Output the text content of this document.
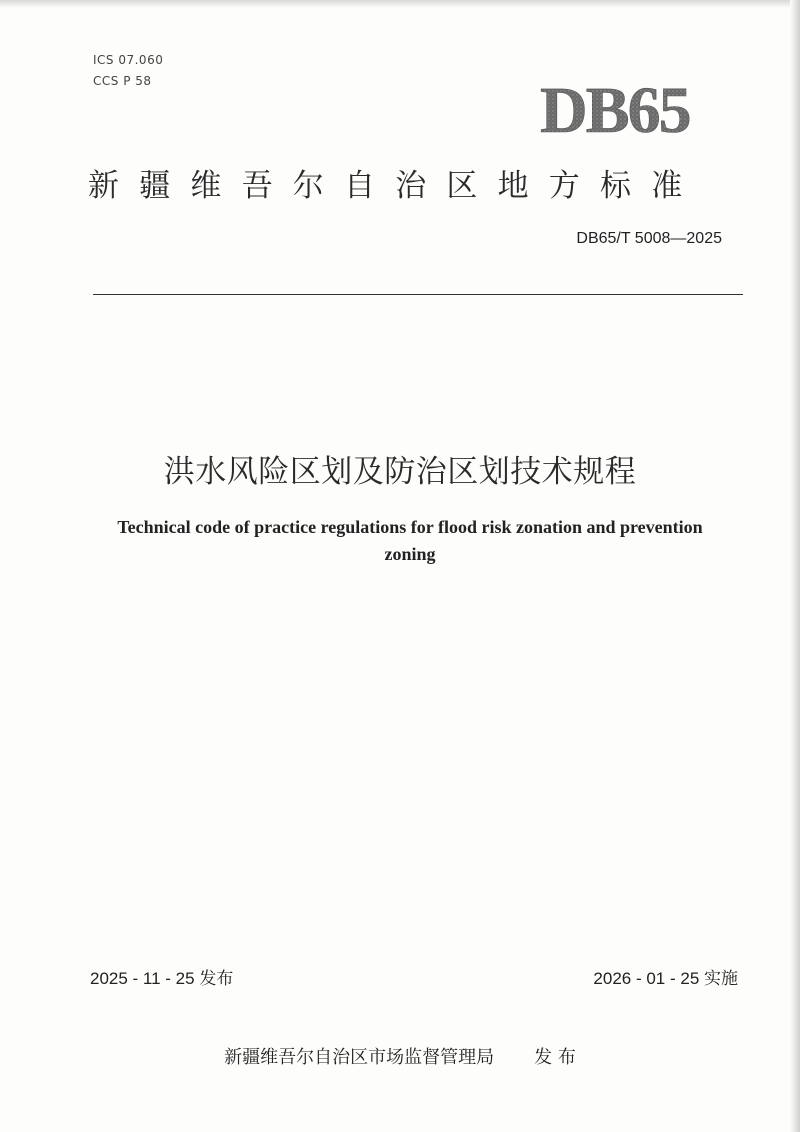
ICS 07.060
CCS P 58	DB65
新疆维吾尔自治区地方标准
DB65/T 5008—2025
洪水风险区划及防治区划技术规程
Technical code of practice regulations for flood risk zonation and prevention zoning
2025 - 11 - 25 发布	2026 - 01 - 25 实施
新疆维吾尔自治区市场监督管理局 发 布
